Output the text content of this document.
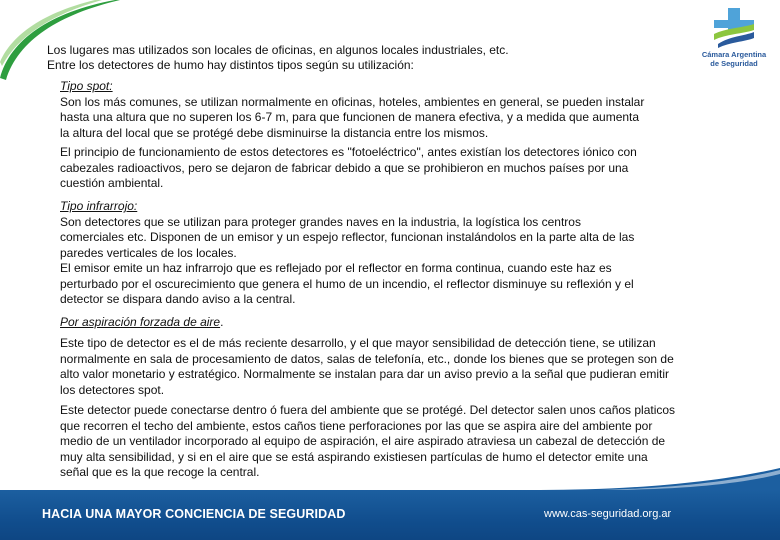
Cámara Argentina
de Seguridad

Los lugares mas utilizados son locales de oficinas, en algunos locales industriales, etc.

Entre los detectores de humo hay distintos tipos según su utilización:

Tipo spot:

Son los más comunes, se utilizan normalmente en oficinas, hoteles, ambientes en general, se pueden instalar

hasta una altura que no superen los 6-7 m, para que funcionen de manera efectiva, y a medida que aumenta

la altura del local que se protégé debe disminuirse la distancia entre los mismos.

El principio de funcionamiento de estos detectores es "fotoeléctrico", antes existían los detectores iónico con

cabezales radioactivos, pero se dejaron de fabricar debido a que se prohibieron en muchos países por una

cuestión ambiental.

Tipo infrarrojo:

Son detectores que se utilizan para proteger grandes naves en la industria, la logística los centros

comerciales etc. Disponen de un emisor y un espejo reflector, funcionan instalándolos en la parte alta de las

paredes verticales de los locales.

El emisor emite un haz infrarrojo que es reflejado por el reflector en forma continua, cuando este haz es

perturbado por el oscurecimiento que genera el humo de un incendio, el reflector disminuye su reflexión y el

detector se dispara dando aviso a la central.

Por aspiración forzada de aire.

Este tipo de detector es el de más reciente desarrollo, y el que mayor sensibilidad de detección tiene, se utilizan

normalmente en sala de procesamiento de datos, salas de telefonía, etc., donde los bienes que se protegen son de

alto valor monetario y estratégico. Normalmente se instalan para dar un aviso previo a la señal que pudieran emitir

los detectores spot.

Este detector puede conectarse dentro ó fuera del ambiente que se protégé. Del detector salen unos caños platicos

que recorren el techo del ambiente, estos caños tiene perforaciones por las que se aspira aire del ambiente por

medio de un ventilador incorporado al equipo de aspiración, el aire aspirado atraviesa un cabezal de detección de

muy alta sensibilidad, y si en el aire que se está aspirando existiesen partículas de humo el detector emite una

señal que es la que recoge la central.

HACIA UNA MAYOR CONCIENCIA DE SEGURIDAD	www.cas-seguridad.org.ar
